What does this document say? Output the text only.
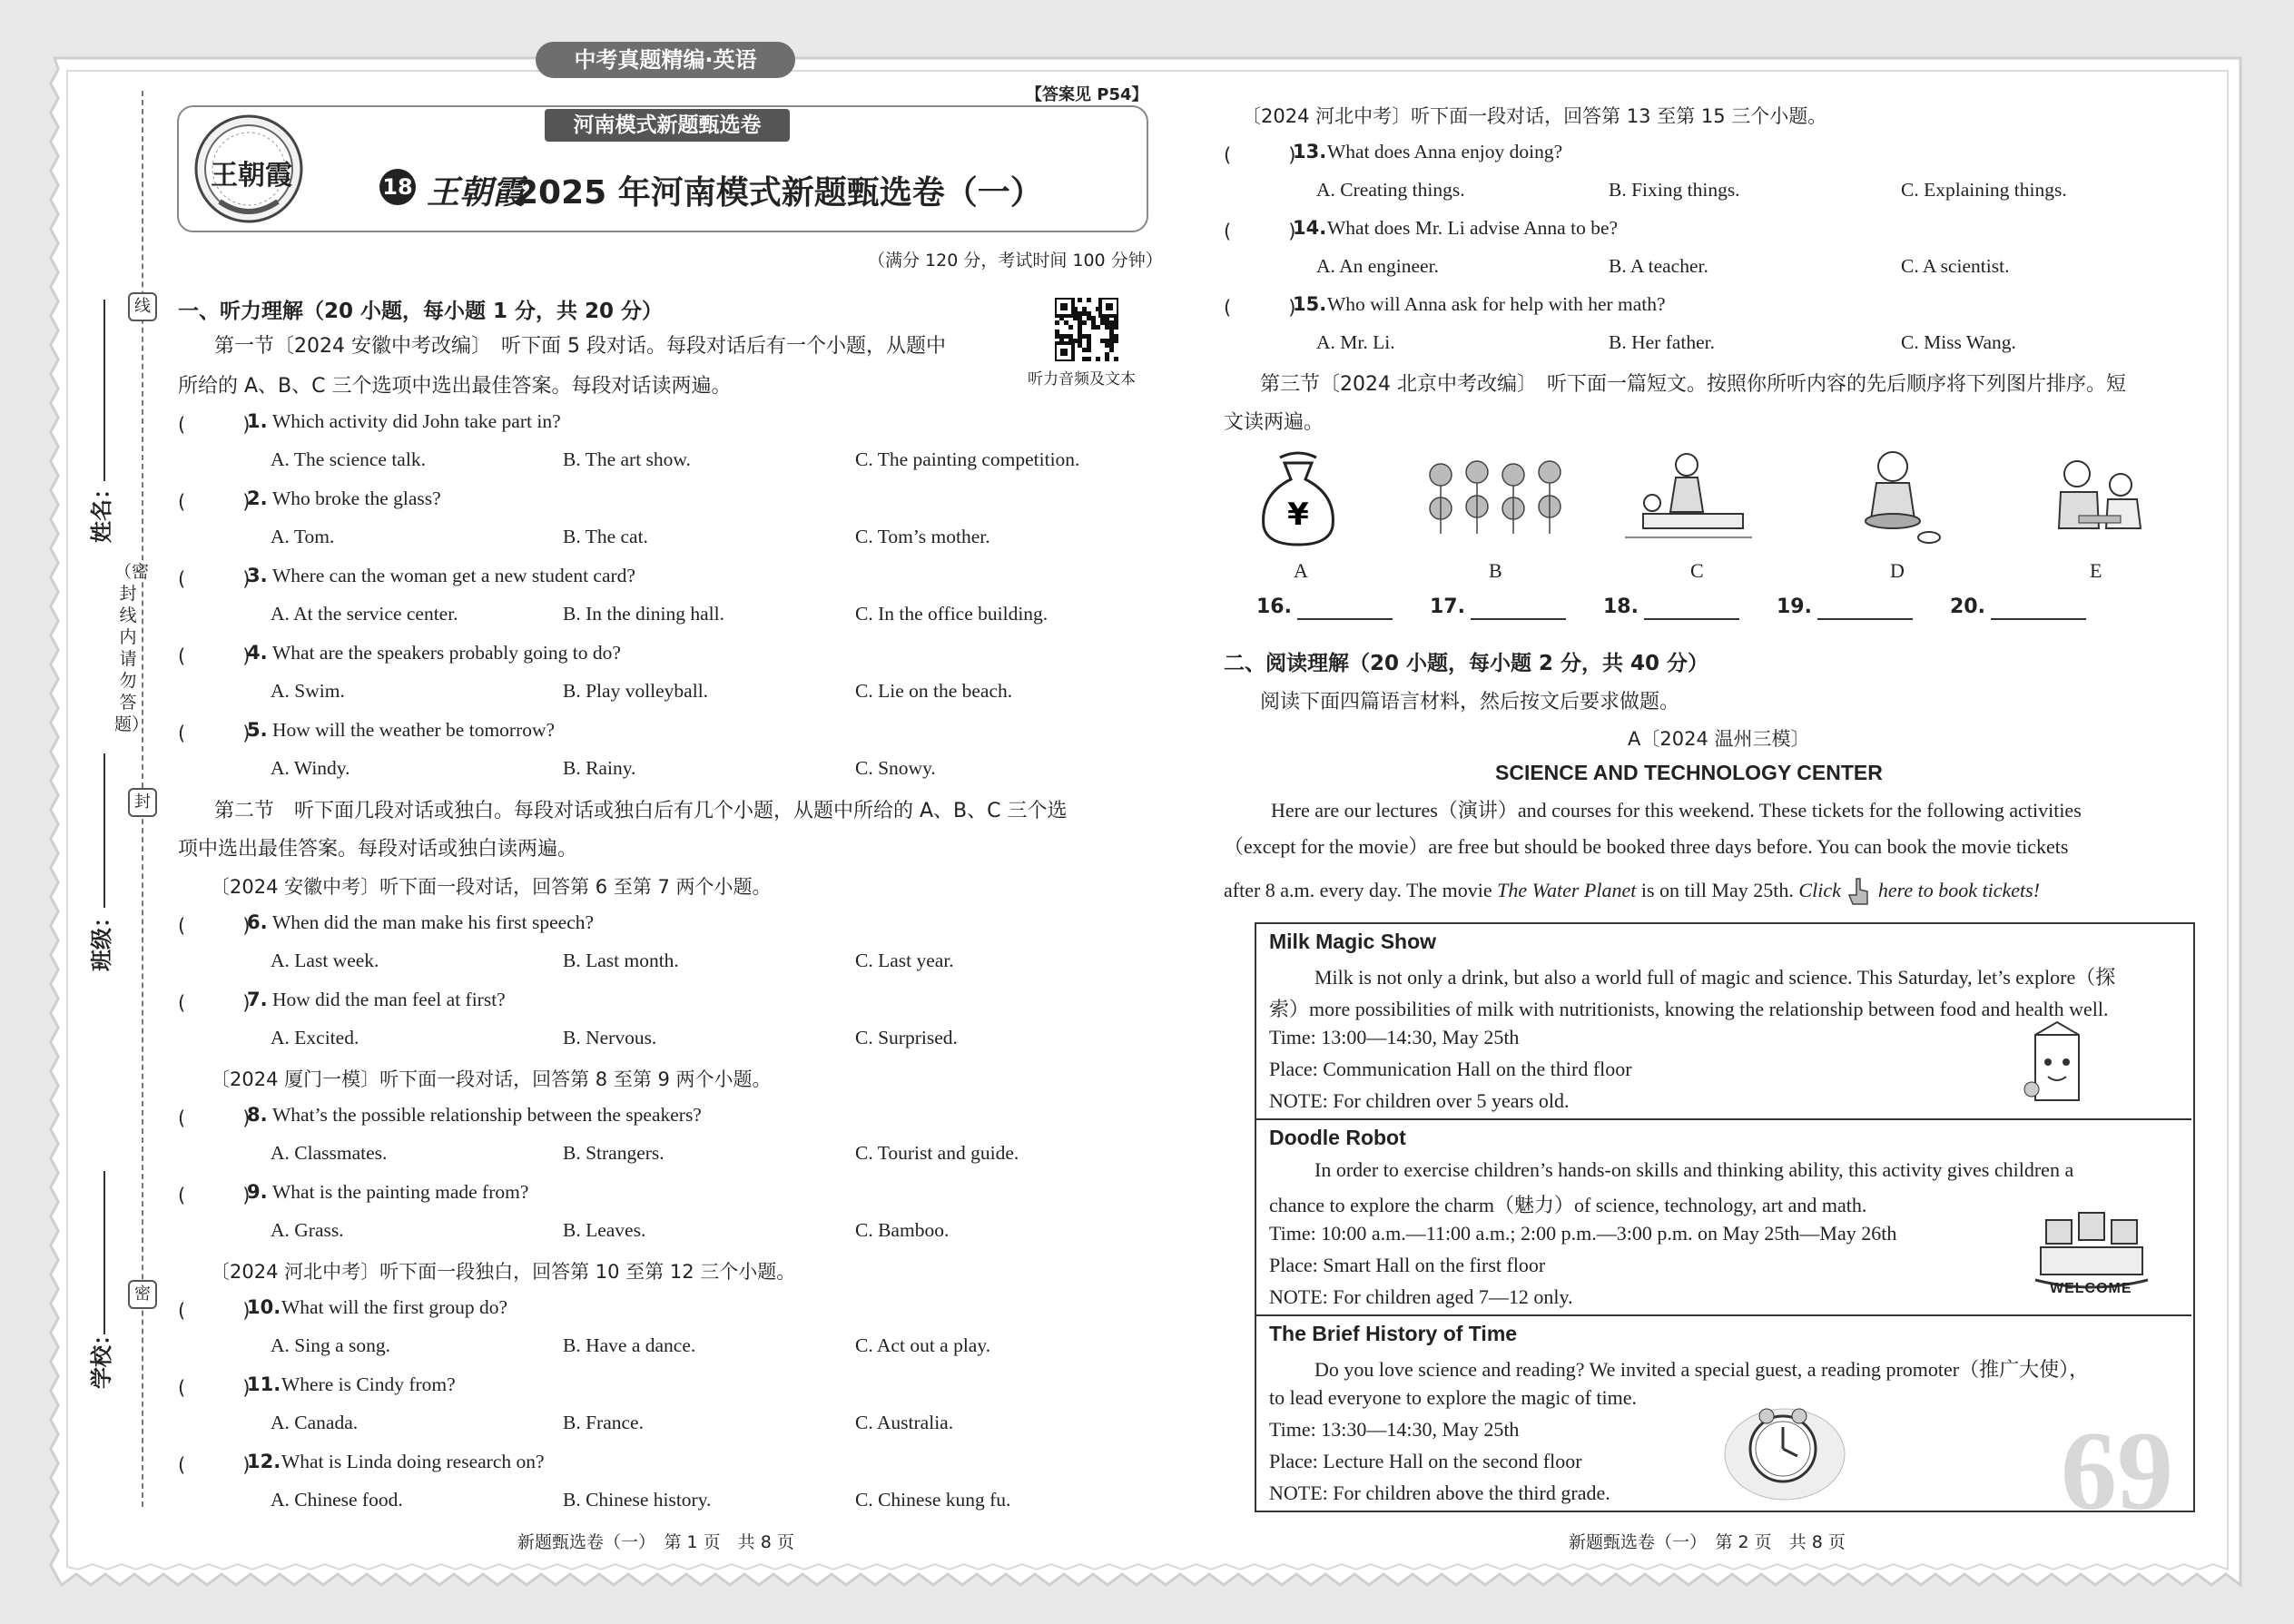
中考真题精编·英语
【答案见 P54】
河南模式新题甄选卷
王朝霞	18 王朝霞
2025 年河南模式新题甄选卷（一）
（满分 120 分，考试时间 100 分钟）
听力音频及文本
线
封
密
（密封线内请勿答题）
姓名：
班级：
学校：
一、听力理解（20 小题，每小题 1 分，共 20 分）
第一节〔2024 安徽中考改编〕　听下面 5 段对话。每段对话后有一个小题，从题中
所给的 A、B、C 三个选项中选出最佳答案。每段对话读两遍。
(　　　)
1. Which activity did John take part in?
A. The science talk.	B. The art show.	C. The painting competition.
(　　　)
2. Who broke the glass?
A. Tom.	B. The cat.	C. Tom’s mother.
(　　　)
3. Where can the woman get a new student card?
A. At the service center.	B. In the dining hall.	C. In the office building.
(　　　)
4. What are the speakers probably going to do?
A. Swim.	B. Play volleyball.	C. Lie on the beach.
(　　　)
5. How will the weather be tomorrow?
A. Windy.	B. Rainy.	C. Snowy.
(　　　)
6. When did the man make his first speech?
A. Last week.	B. Last month.	C. Last year.
(　　　)
7. How did the man feel at first?
A. Excited.	B. Nervous.	C. Surprised.
(　　　)
8. What’s the possible relationship between the speakers?
A. Classmates.	B. Strangers.	C. Tourist and guide.
(　　　)
9. What is the painting made from?
A. Grass.	B. Leaves.	C. Bamboo.
(　　　)
10. What will the first group do?
A. Sing a song.	B. Have a dance.	C. Act out a play.
(　　　)
11. Where is Cindy from?
A. Canada.	B. France.	C. Australia.
(　　　)
12. What is Linda doing research on?
A. Chinese food.	B. Chinese history.	C. Chinese kung fu.
第二节　听下面几段对话或独白。每段对话或独白后有几个小题，从题中所给的 A、B、C 三个选
项中选出最佳答案。每段对话或独白读两遍。
〔2024 安徽中考〕听下面一段对话，回答第 6 至第 7 两个小题。
〔2024 厦门一模〕听下面一段对话，回答第 8 至第 9 两个小题。
〔2024 河北中考〕听下面一段独白，回答第 10 至第 12 三个小题。
新题甄选卷（一）　第 1 页　共 8 页
〔2024 河北中考〕听下面一段对话，回答第 13 至第 15 三个小题。
(　　　)
13. What does Anna enjoy doing?
A. Creating things.	B. Fixing things.	C. Explaining things.
(　　　)
14. What does Mr. Li advise Anna to be?
A. An engineer.	B. A teacher.	C. A scientist.
(　　　)
15. Who will Anna ask for help with her math?
A. Mr. Li.	B. Her father.	C. Miss Wang.
第三节〔2024 北京中考改编〕　听下面一篇短文。按照你所听内容的先后顺序将下列图片排序。短
文读两遍。
¥
A	B	C	D	E
16.	17.	18.	19.	20.
二、阅读理解（20 小题，每小题 2 分，共 40 分）
阅读下面四篇语言材料，然后按文后要求做题。
A〔2024 温州三模〕
SCIENCE AND TECHNOLOGY CENTER
Here are our lectures（演讲）and courses for this weekend. These tickets for the following activities
（except for the movie）are free but should be booked three days before. You can book the movie tickets
after 8 a.m. every day. The movie The Water Planet is on till May 25th. Click here to book tickets!
Milk Magic Show
Milk is not only a drink, but also a world full of magic and science. This Saturday, let’s explore（探
索）more possibilities of milk with nutritionists, knowing the relationship between food and health well.
Time: 13:00—14:30, May 25th
Place: Communication Hall on the third floor
NOTE: For children over 5 years old.
Doodle Robot
In order to exercise children’s hands-on skills and thinking ability, this activity gives children a
chance to explore the charm（魅力）of science, technology, art and math.
Time: 10:00 a.m.—11:00 a.m.; 2:00 p.m.—3:00 p.m. on May 25th—May 26th
Place: Smart Hall on the first floor
NOTE: For children aged 7—12 only.
The Brief History of Time
Do you love science and reading? We invited a special guest, a reading promoter（推广大使），
to lead everyone to explore the magic of time.
Time: 13:30—14:30, May 25th
Place: Lecture Hall on the second floor
NOTE: For children above the third grade.
WELCOME
69
新题甄选卷（一）　第 2 页　共 8 页
